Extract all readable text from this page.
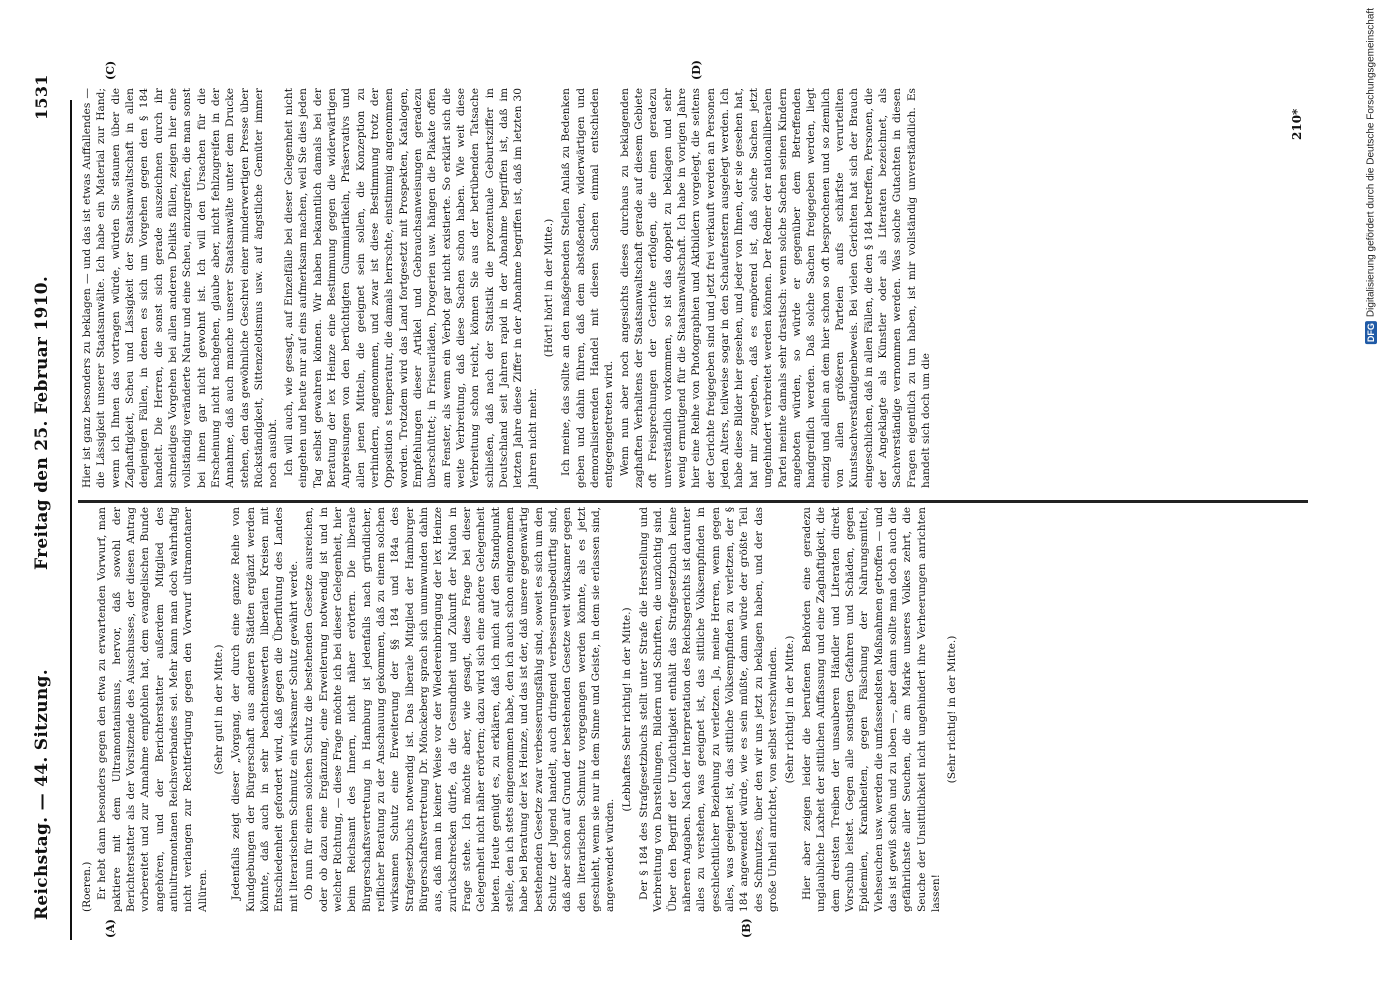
Reichstag. — 44. Sitzung.
Freitag den 25. Februar 1910.
1531
(A)	(B)
(C)	(D)

(Roeren.) Er hebt dann besonders gegen den etwa zu erwartenden Vorwurf, man paktiere mit dem Ultramontanismus, hervor, daß sowohl der Berichterstatter als der Vorsitzende des Ausschusses, der diesen Antrag vorbereitet und zur Annahme empfohlen hat, dem evangelischen Bunde angehören, und der Berichterstatter außerdem Mitglied des antiultramontanen Reichsverbandes sei. Mehr kann man doch wahrhaftig nicht verlangen zur Rechtfertigung gegen den Vorwurf ultramontaner Allüren.

(Sehr gut! in der Mitte.) Jedenfalls zeigt dieser „Vorgang, der durch eine ganze Reihe von Kundgebungen der Bürgerschaft aus anderen Städten ergänzt werden könnte, daß auch in sehr beachtenswerten liberalen Kreisen mit Entschiedenheit gefordert wird, daß gegen die Überflutung des Landes mit literarischem Schmutz ein wirksamer Schutz gewährt werde. Ob nun für einen solchen Schutz die bestehenden Gesetze ausreichen, oder ob dazu eine Ergänzung, eine Erweiterung notwendig ist und in welcher Richtung, — diese Frage möchte ich bei dieser Gelegenheit, hier beim Reichsamt des Innern, nicht näher erörtern. Die liberale Bürgerschaftsvertretung in Hamburg ist jedenfalls nach gründlicher, reiflicher Beratung zu der Anschauung gekommen, daß zu einem solchen wirksamen Schutz eine Erweiterung der §§ 184 und 184a des Strafgesetzbuchs notwendig ist. Das liberale Mitglied der Hamburger Bürgerschaftsvertretung Dr. Mönckeberg sprach sich unumwunden dahin aus, daß man in keiner Weise vor der Wiedereinbringung der lex Heinze zurückschrecken dürfe, da die Gesundheit und Zukunft der Nation in Frage stehe. Ich möchte aber, wie gesagt, diese Frage bei dieser Gelegenheit nicht näher erörtern; dazu wird sich eine andere Gelegenheit bieten. Heute genügt es, zu erklären, daß ich mich auf den Standpunkt stelle, den ich stets eingenommen habe, den ich auch schon eingenommen habe bei Beratung der lex Heinze, und das ist der, daß unsere gegenwärtig bestehenden Gesetze zwar verbesserungsfähig sind, soweit es sich um den Schutz der Jugend handelt, auch dringend verbesserungsbedürftig sind, daß aber schon auf Grund der bestehenden Gesetze weit wirksamer gegen den literarischen Schmutz vorgegangen werden könnte, als es jetzt geschieht, wenn sie nur in dem Sinne und Geiste, in dem sie erlassen sind, angewendet würden.

(Lebhaftes Sehr richtig! in der Mitte.) Der § 184 des Strafgesetzbuchs stellt unter Strafe die Herstellung und Verbreitung von Darstellungen, Bildern und Schriften, die unzüchtig sind. Über den Begriff der Unzüchtigkeit enthält das Strafgesetzbuch keine näheren Angaben. Nach der Interpretation des Reichsgerichts ist darunter alles zu verstehen, was geeignet ist, das sittliche Volksempfinden in geschlechtlicher Beziehung zu verletzen. Ja, meine Herren, wenn gegen alles, was geeignet ist, das sittliche Volksempfinden zu verletzen, der § 184 angewendet würde, wie es sein müßte, dann würde der größte Teil des Schmutzes, über den wir uns jetzt zu beklagen haben, und der das große Unheil anrichtet, von selbst verschwinden. (Sehr richtig! in der Mitte.) Hier aber zeigen leider die berufenen Behörden eine geradezu unglaubliche Laxheit der sittlichen Auffassung und eine Zaghaftigkeit, die dem dreisten Treiben der unsauberen Händler und Literaten direkt Vorschub leistet. Gegen alle sonstigen Gefahren und Schäden, gegen Epidemien, Krankheiten, gegen Fälschung der Nahrungsmittel, Viehseuchen usw. werden die umfassendsten Maßnahmen getroffen — und das ist gewiß schön und zu loben —, aber dann sollte man doch auch die gefährlichste aller Seuchen, die am Marke unseres Volkes zehrt, die Seuche der Unsittlichkeit nicht ungehindert ihre Verheerungen anrichten lassen!

(Sehr richtig! in der Mitte.)

Hier ist ganz besonders zu beklagen — und das ist etwas Auffallendes — die Lässigkeit unserer Staatsanwälte. Ich habe ein Material zur Hand; wenn ich Ihnen das vortragen würde, würden Sie staunen über die Zaghaftigkeit, Scheu und Lässigkeit der Staatsanwaltschaft in allen denjenigen Fällen, in denen es sich um Vorgehen gegen den § 184 handelt. Die Herren, die sonst sich gerade auszeichnen durch ihr schneidiges Vorgehen bei allen anderen Delikts fällen, zeigen hier eine vollständig veränderte Natur und eine Scheu, einzugreifen, die man sonst bei ihnen gar nicht gewohnt ist. Ich will den Ursachen für die Erscheinung nicht nachgehen, glaube aber, nicht fehlzugreifen in der Annahme, daß auch manche unserer Staatsanwälte unter dem Drucke stehen, den das gewöhnliche Geschrei einer minderwertigen Presse über Rückständigkeit, Sittenzelotismus usw. auf ängstliche Gemüter immer noch ausübt. Ich will auch, wie gesagt, auf Einzelfälle bei dieser Gelegenheit nicht eingehen und heute nur auf eins aufmerksam machen, weil Sie dies jeden Tag selbst gewahren können. Wir haben bekanntlich damals bei der Beratung der lex Heinze eine Bestimmung gegen die widerwärtigen Anpreisungen von den berüchtigten Gummiartikeln, Präservativs und allen jenen Mitteln, die geeignet sein sollen, die Konzeption zu verhindern, angenommen, und zwar ist diese Bestimmung trotz der Opposition s temperatur, die damals herrschte, einstimmig angenommen worden. Trotzdem wird das Land fortgesetzt mit Prospekten, Katalogen, Empfehlungen dieser Artikel und Gebrauchsanweisungen geradezu überschüttet; in Friseurläden, Drogerien usw. hängen die Plakate offen am Fenster, als wenn ein Verbot gar nicht existierte. So erklärt sich die weite Verbreitung, daß diese Sachen schon haben. Wie weit diese Verbreitung schon reicht, können Sie aus der betrübenden Tatsache schließen, daß nach der Statistik die prozentuale Geburtsziffer in Deutschland seit Jahren rapid in der Abnahme begriffen ist, daß im letzten Jahre diese Ziffer in der Abnahme begriffen ist, daß im letzten 30 Jahren nicht mehr.

(Hört! hört! in der Mitte.) Ich meine, das sollte an den maßgebenden Stellen Anlaß zu Bedenken geben und dahin führen, daß dem abstoßenden, widerwärtigen und demoralisierenden Handel mit diesen Sachen einmal entschieden entgegengetreten wird. Wenn nun aber noch angesichts dieses durchaus zu beklagenden zaghaften Verhaltens der Staatsanwaltschaft gerade auf diesem Gebiete oft Freisprechungen der Gerichte erfolgen, die einen geradezu unverständlich vorkommen, so ist das doppelt zu beklagen und sehr wenig ermutigend für die Staatsanwaltschaft. Ich habe in vorigen Jahre hier eine Reihe von Photographien und Aktbildern vorgelegt, die seitens der Gerichte freigegeben sind und jetzt frei verkauft werden an Personen jeden Alters, teilweise sogar in den Schaufenstern ausgelegt werden. Ich habe diese Bilder hier gesehen, und jeder von Ihnen, der sie gesehen hat, hat mir zugegeben, daß es empörend ist, daß solche Sachen jetzt ungehindert verbreitet werden können. Der Redner der nationalliberalen Partei meinte damals sehr drastisch: wenn solche Sachen seinen Kindern angeboten würden, so würde er gegenüber dem Betreffenden handgreiflich werden. Daß solche Sachen freigegeben werden, liegt einzig und allein an dem hier schon so oft besprochenen und so ziemlich von allen größeren Parteien aufs schärfste verurteilten Kunstsachverständigenbeweis. Bei vielen Gerichten hat sich der Brauch eingeschlichen, daß in allen Fällen, die den § 184 betreffen, Personen, die der Angeklagte als Künstler oder als Literaten bezeichnet, als Sachverständige vernommen werden. Was solche Gutachten in diesen Fragen eigentlich zu tun haben, ist mir vollständig unverständlich. Es handelt sich doch um die

210*
DFG
Digitalisierung gefördert durch die Deutsche Forschungsgemeinschaft
